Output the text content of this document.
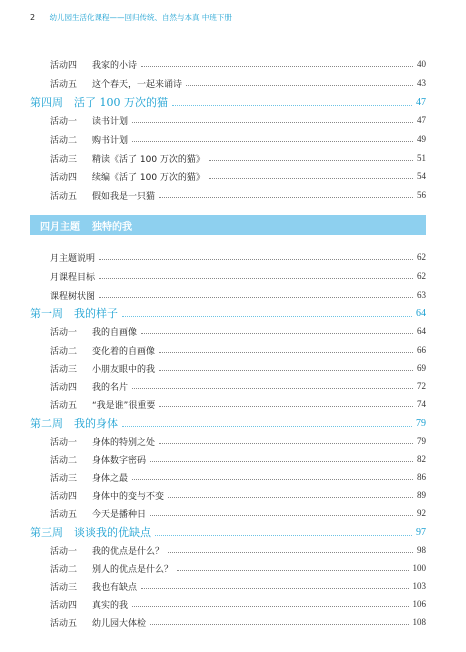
2 幼儿园生活化课程——回归传统、自然与本真 中班下册
活动四	我家的小诗	40
活动五	这个春天，一起来诵诗	43
第四周　活了 100 万次的猫	47
活动一	读书计划	47
活动二	购书计划	49
活动三	精读《活了 100 万次的猫》	51
活动四	续编《活了 100 万次的猫》	54
活动五	假如我是一只猫	56
四月主题 独特的我
月主题说明	62
月课程目标	62
课程树状图	63
第一周　我的样子	64
活动一	我的自画像	64
活动二	变化着的自画像	66
活动三	小朋友眼中的我	69
活动四	我的名片	72
活动五	“我是谁”很重要	74
第二周　我的身体	79
活动一	身体的特别之处	79
活动二	身体数字密码	82
活动三	身体之最	86
活动四	身体中的变与不变	89
活动五	今天是播种日	92
第三周　谈谈我的优缺点	97
活动一	我的优点是什么？	98
活动二	别人的优点是什么？	100
活动三	我也有缺点	103
活动四	真实的我	106
活动五	幼儿园大体检	108
